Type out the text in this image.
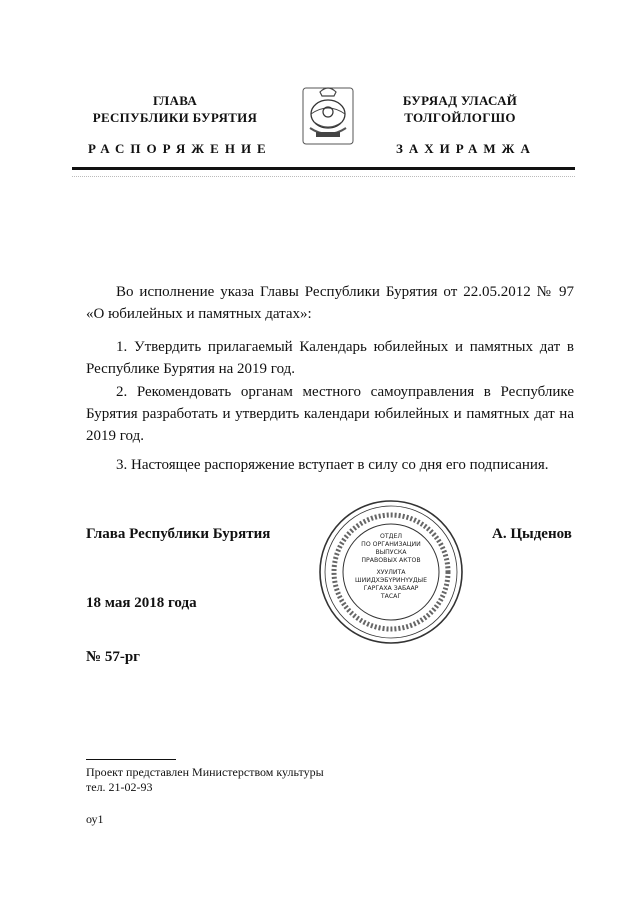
ГЛАВА
РЕСПУБЛИКИ БУРЯТИЯ
РАСПОРЯЖЕНИЕ
БУРЯАД УЛАСАЙ
ТОЛГОЙЛОГШО
ЗАХИРАМЖА
Во исполнение указа Главы Республики Бурятия от 22.05.2012 № 97 «О юбилейных и памятных датах»:
1. Утвердить прилагаемый Календарь юбилейных и памятных дат в Республике Бурятия на 2019 год.
2. Рекомендовать органам местного самоуправления в Республике Бурятия разработать и утвердить календари юбилейных и памятных дат на 2019 год.
3. Настоящее распоряжение вступает в силу со дня его подписания.
Глава Республики Бурятия	ОТДЕЛ
ПО ОРГАНИЗАЦИИ
ВЫПУСКА
ПРАВОВЫХ АКТОВ
ХУУЛИТА
ШИИДХЭБҮРИНҮУДЫЕ
ГАРГАХА ЗАБААР
ТАСАГ
А. Цыденов
18 мая 2018 года
№ 57-рг
Проект представлен Министерством культуры
тел. 21-02-93
оу1
